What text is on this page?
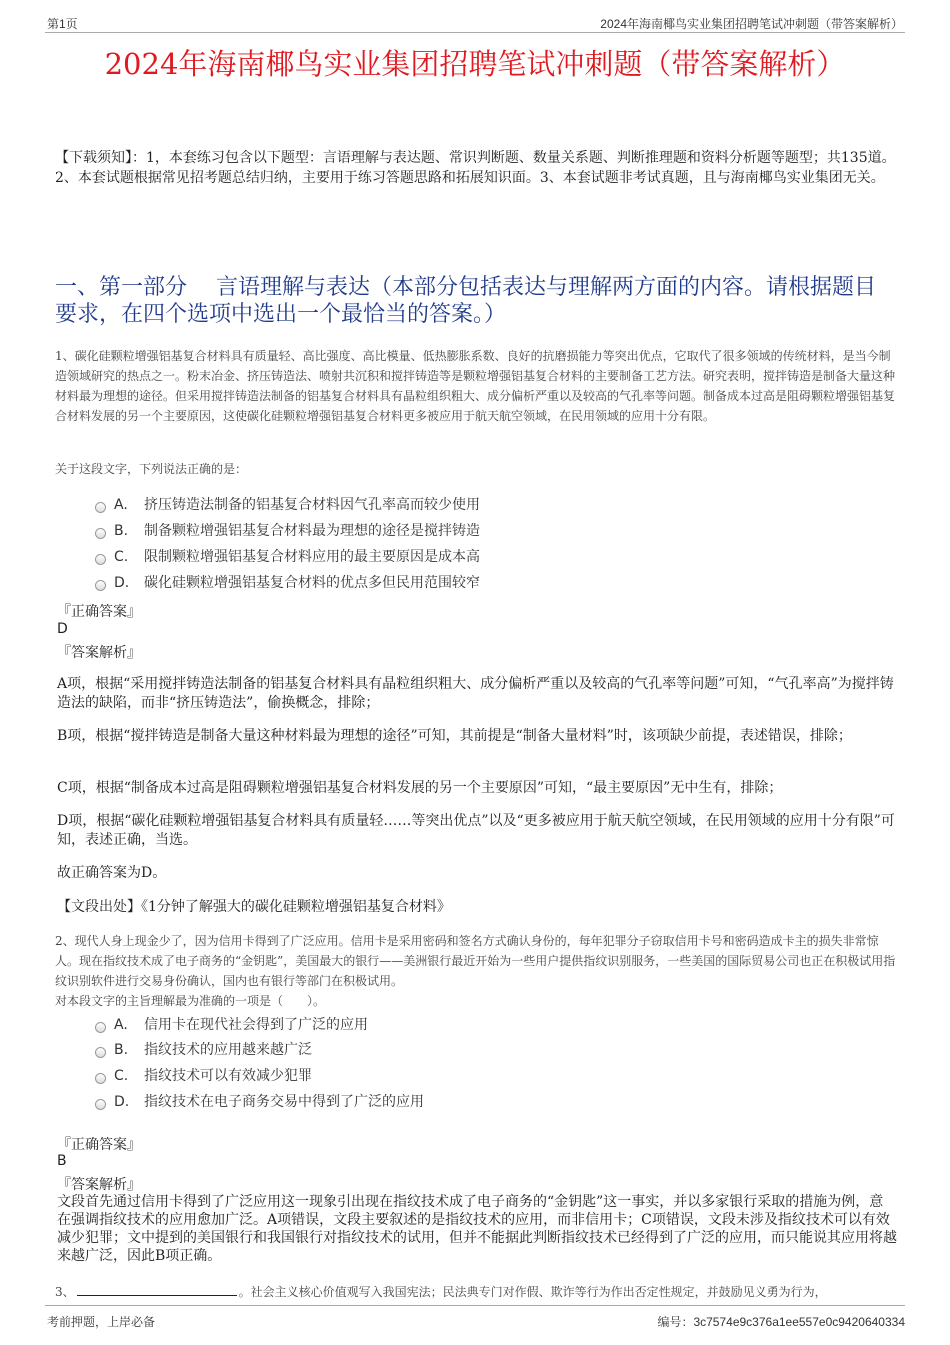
第1页	2024年海南椰鸟实业集团招聘笔试冲刺题（带答案解析）
2024年海南椰鸟实业集团招聘笔试冲刺题（带答案解析）
【下载须知】：1，本套练习包含以下题型：言语理解与表达题、常识判断题、数量关系题、判断推理题和资料分析题等题型；共135道。2、本套试题根据常见招考题总结归纳，主要用于练习答题思路和拓展知识面。3、本套试题非考试真题，且与海南椰鸟实业集团无关。
一、第一部分　 言语理解与表达（本部分包括表达与理解两方面的内容。请根据题目要求，在四个选项中选出一个最恰当的答案。）
1、碳化硅颗粒增强铝基复合材料具有质量轻、高比强度、高比模量、低热膨胀系数、良好的抗磨损能力等突出优点，它取代了很多领域的传统材料，是当今制造领域研究的热点之一。粉末冶金、挤压铸造法、喷射共沉积和搅拌铸造等是颗粒增强铝基复合材料的主要制备工艺方法。研究表明，搅拌铸造是制备大量这种材料最为理想的途径。但采用搅拌铸造法制备的铝基复合材料具有晶粒组织粗大、成分偏析严重以及较高的气孔率等问题。制备成本过高是阻碍颗粒增强铝基复合材料发展的另一个主要原因，这使碳化硅颗粒增强铝基复合材料更多被应用于航天航空领域，在民用领域的应用十分有限。
关于这段文字，下列说法正确的是：
A.	挤压铸造法制备的铝基复合材料因气孔率高而较少使用
B.	制备颗粒增强铝基复合材料最为理想的途径是搅拌铸造
C.	限制颗粒增强铝基复合材料应用的最主要原因是成本高
D.	碳化硅颗粒增强铝基复合材料的优点多但民用范围较窄
『正确答案』
D
『答案解析』
A项，根据“采用搅拌铸造法制备的铝基复合材料具有晶粒组织粗大、成分偏析严重以及较高的气孔率等问题”可知，“气孔率高”为搅拌铸造法的缺陷，而非“挤压铸造法”，偷换概念，排除；
B项，根据“搅拌铸造是制备大量这种材料最为理想的途径”可知，其前提是“制备大量材料”时，该项缺少前提，表述错误，排除；
C项，根据“制备成本过高是阻碍颗粒增强铝基复合材料发展的另一个主要原因”可知，“最主要原因”无中生有，排除；
D项，根据“碳化硅颗粒增强铝基复合材料具有质量轻……等突出优点”以及“更多被应用于航天航空领域，在民用领域的应用十分有限”可知，表述正确，当选。
故正确答案为D。
【文段出处】《1分钟了解强大的碳化硅颗粒增强铝基复合材料》
2、现代人身上现金少了，因为信用卡得到了广泛应用。信用卡是采用密码和签名方式确认身份的，每年犯罪分子窃取信用卡号和密码造成卡主的损失非常惊人。现在指纹技术成了电子商务的“金钥匙”，美国最大的银行——美洲银行最近开始为一些用户提供指纹识别服务，一些美国的国际贸易公司也正在积极试用指纹识别软件进行交易身份确认，国内也有银行等部门在积极试用。
对本段文字的主旨理解最为准确的一项是（　　）。
A.	信用卡在现代社会得到了广泛的应用
B.	指纹技术的应用越来越广泛
C.	指纹技术可以有效减少犯罪
D.	指纹技术在电子商务交易中得到了广泛的应用
『正确答案』
B
『答案解析』
文段首先通过信用卡得到了广泛应用这一现象引出现在指纹技术成了电子商务的“金钥匙”这一事实，并以多家银行采取的措施为例，意在强调指纹技术的应用愈加广泛。A项错误，文段主要叙述的是指纹技术的应用，而非信用卡；C项错误，文段未涉及指纹技术可以有效减少犯罪；文中提到的美国银行和我国银行对指纹技术的试用，但并不能据此判断指纹技术已经得到了广泛的应用，而只能说其应用将越来越广泛，因此B项正确。
3、	。社会主义核心价值观写入我国宪法；民法典专门对作假、欺诈等行为作出否定性规定，并鼓励见义勇为行为，
考前押题，上岸必备	编号：3c7574e9c376a1ee557e0c9420640334
